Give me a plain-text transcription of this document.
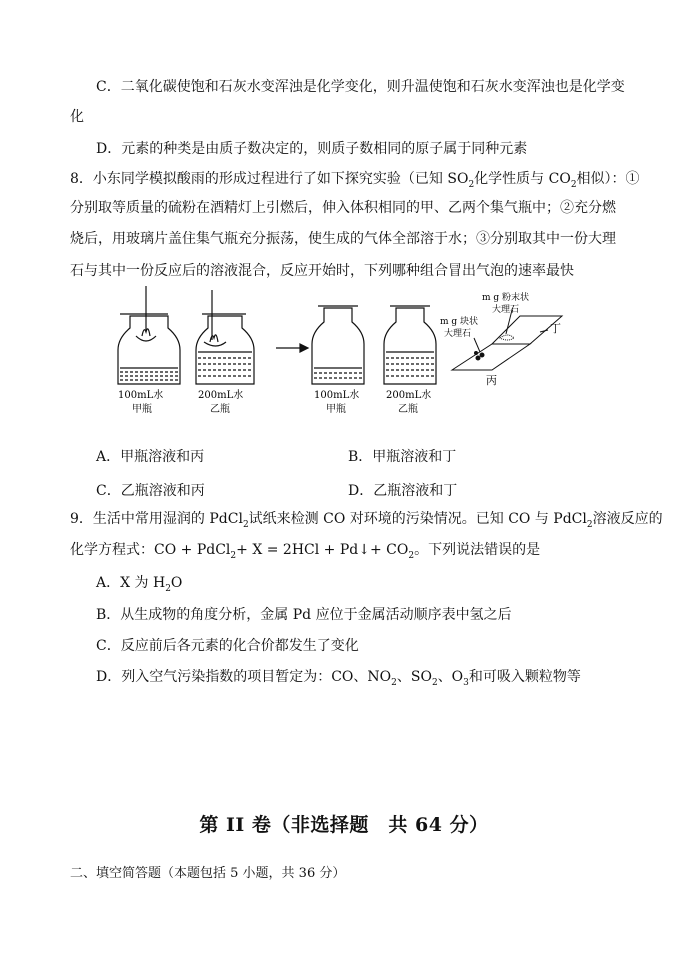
C．二氧化碳使饱和石灰水变浑浊是化学变化，则升温使饱和石灰水变浑浊也是化学变
化
D．元素的种类是由质子数决定的，则质子数相同的原子属于同种元素
8．小东同学模拟酸雨的形成过程进行了如下探究实验（已知 $SO_2$化学性质与 $CO_2$相似）：①
分别取等质量的硫粉在酒精灯上引燃后，伸入体积相同的甲、乙两个集气瓶中；②充分燃
烧后，用玻璃片盖住集气瓶充分振荡，使生成的气体全部溶于水；③分别取其中一份大理
石与其中一份反应后的溶液混合，反应开始时，下列哪种组合冒出气泡的速率最快
100mL水
甲瓶
200mL水
乙瓶
100mL水
甲瓶
200mL水
乙瓶
m g 块状
大理石
m g 粉末状
大理石
丙
丁
A．甲瓶溶液和丙	B．甲瓶溶液和丁
C．乙瓶溶液和丙	D．乙瓶溶液和丁
9．生活中常用湿润的 PdCl$_2$试纸来检测 CO 对环境的污染情况。已知 CO 与 PdCl$_2$溶液反应的
化学方程式：CO + PdCl$_2$+ X = 2HCl + Pd↓+ $CO_2$。下列说法错误的是
A．X 为 $H_2O$
B．从生成物的角度分析，金属 Pd 应位于金属活动顺序表中氢之后
C．反应前后各元素的化合价都发生了变化
D．列入空气污染指数的项目暂定为：CO、$NO_2$、$SO_2$、$O_3$和可吸入颗粒物等
第 II 卷（非选择题　共 64 分）
二、填空简答题（本题包括 5 小题，共 36 分）
